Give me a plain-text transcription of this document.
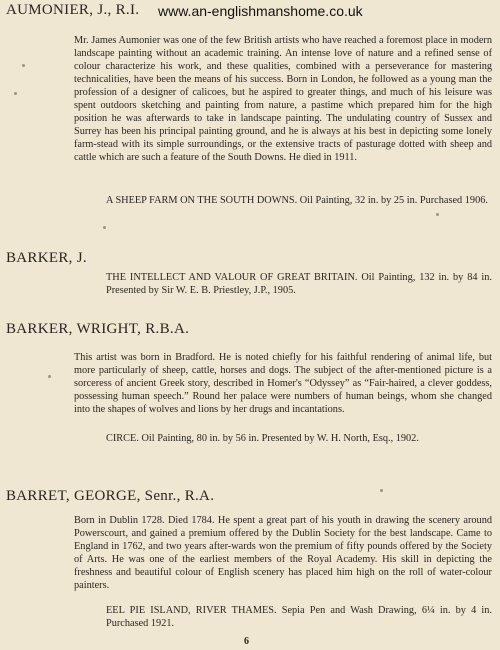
AUMONIER, J., R.I. www.an-englishmanshome.co.uk

Mr. James Aumonier was one of the few British artists who have reached a foremost place in modern landscape painting without an academic training. An intense love of nature and a refined sense of colour characterize his work, and these qualities, combined with a perseverance for mastering technicalities, have been the means of his success. Born in London, he followed as a young man the profession of a designer of calicoes, but he aspired to greater things, and much of his leisure was spent outdoors sketching and painting from nature, a pastime which prepared him for the high position he was afterwards to take in landscape painting. The undulating country of Sussex and Surrey has been his principal painting ground, and he is always at his best in depicting some lonely farm-stead with its simple surroundings, or the extensive tracts of pasturage dotted with sheep and cattle which are such a feature of the South Downs. He died in 1911.

A SHEEP FARM ON THE SOUTH DOWNS. Oil Painting, 32 in. by 25 in. Purchased 1906.

BARKER, J.

THE INTELLECT AND VALOUR OF GREAT BRITAIN. Oil Painting, 132 in. by 84 in. Presented by Sir W. E. B. Priestley, J.P., 1905.

BARKER, WRIGHT, R.B.A.

This artist was born in Bradford. He is noted chiefly for his faithful rendering of animal life, but more particularly of sheep, cattle, horses and dogs. The subject of the after-mentioned picture is a sorceress of ancient Greek story, described in Homer's “Odyssey” as “Fair-haired, a clever goddess, possessing human speech.” Round her palace were numbers of human beings, whom she changed into the shapes of wolves and lions by her drugs and incantations.

CIRCE. Oil Painting, 80 in. by 56 in. Presented by W. H. North, Esq., 1902.

BARRET, GEORGE, Senr., R.A.

Born in Dublin 1728. Died 1784. He spent a great part of his youth in drawing the scenery around Powerscourt, and gained a premium offered by the Dublin Society for the best landscape. Came to England in 1762, and two years after-wards won the premium of fifty pounds offered by the Society of Arts. He was one of the earliest members of the Royal Academy. His skill in depicting the freshness and beautiful colour of English scenery has placed him high on the roll of water-colour painters.

EEL PIE ISLAND, RIVER THAMES. Sepia Pen and Wash Drawing, 6¼ in. by 4 in. Purchased 1921.

6
